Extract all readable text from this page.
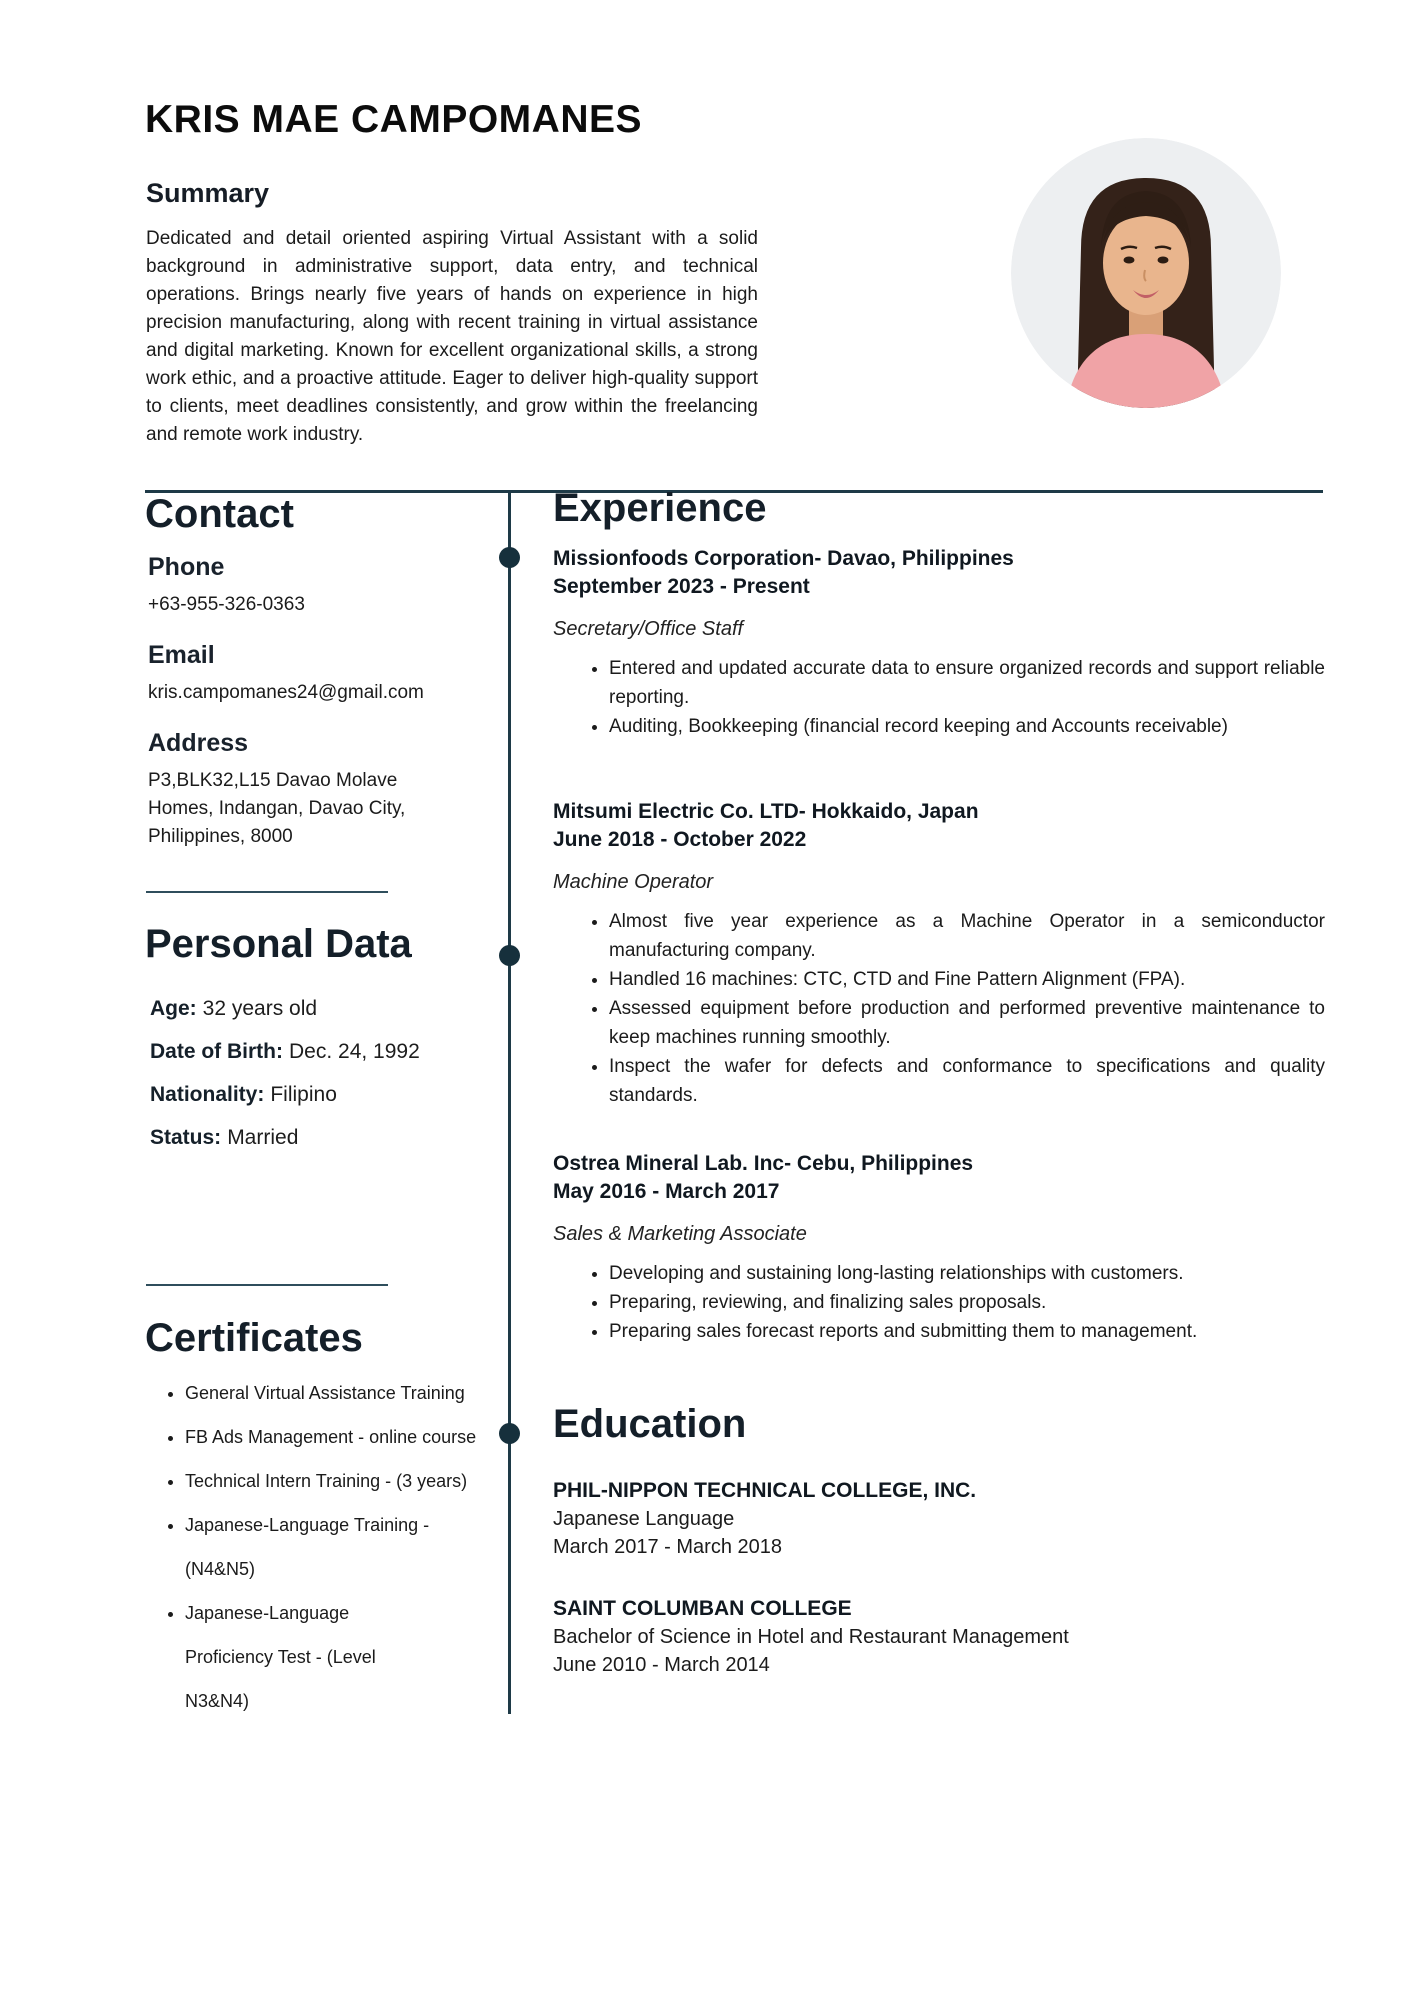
KRIS MAE CAMPOMANES
Summary

Dedicated and detail oriented aspiring Virtual Assistant with a solid background in administrative support, data entry, and technical operations. Brings nearly five years of hands on experience in high precision manufacturing, along with recent training in virtual assistance and digital marketing. Known for excellent organizational skills, a strong work ethic, and a proactive attitude. Eager to deliver high-quality support to clients, meet deadlines consistently, and grow within the freelancing and remote work industry.

Contact
Phone

+63-955-326-0363

Email

kris.campomanes24@gmail.com

Address

P3,BLK32,L15 Davao Molave Homes, Indangan, Davao City, Philippines, 8000

Personal Data
Age: 32 years old
Date of Birth: Dec. 24, 1992
Nationality: Filipino
Status: Married
Certificates
• General Virtual Assistance Training
• FB Ads Management - online course
• Technical Intern Training - (3 years)
• Japanese-Language Training - (N4&N5)
• Japanese-Language Proficiency Test - (Level N3&N4)
Experience

Missionfoods Corporation- Davao, Philippines
September 2023 - Present

Secretary/Office Staff

• Entered and updated accurate data to ensure organized records and support reliable reporting.
• Auditing, Bookkeeping (financial record keeping and Accounts receivable)

Mitsumi Electric Co. LTD- Hokkaido, Japan
June 2018 - October 2022

Machine Operator

• Almost five year experience as a Machine Operator in a semiconductor manufacturing company.
• Handled 16 machines: CTC, CTD and Fine Pattern Alignment (FPA).
• Assessed equipment before production and performed preventive maintenance to keep machines running smoothly.
• Inspect the wafer for defects and conformance to specifications and quality standards.

Ostrea Mineral Lab. Inc- Cebu, Philippines
May 2016 - March 2017

Sales & Marketing Associate

• Developing and sustaining long-lasting relationships with customers.
• Preparing, reviewing, and finalizing sales proposals.
• Preparing sales forecast reports and submitting them to management.
Education

PHIL-NIPPON TECHNICAL COLLEGE, INC.

Japanese Language

March 2017 - March 2018

SAINT COLUMBAN COLLEGE

Bachelor of Science in Hotel and Restaurant Management

June 2010 - March 2014
